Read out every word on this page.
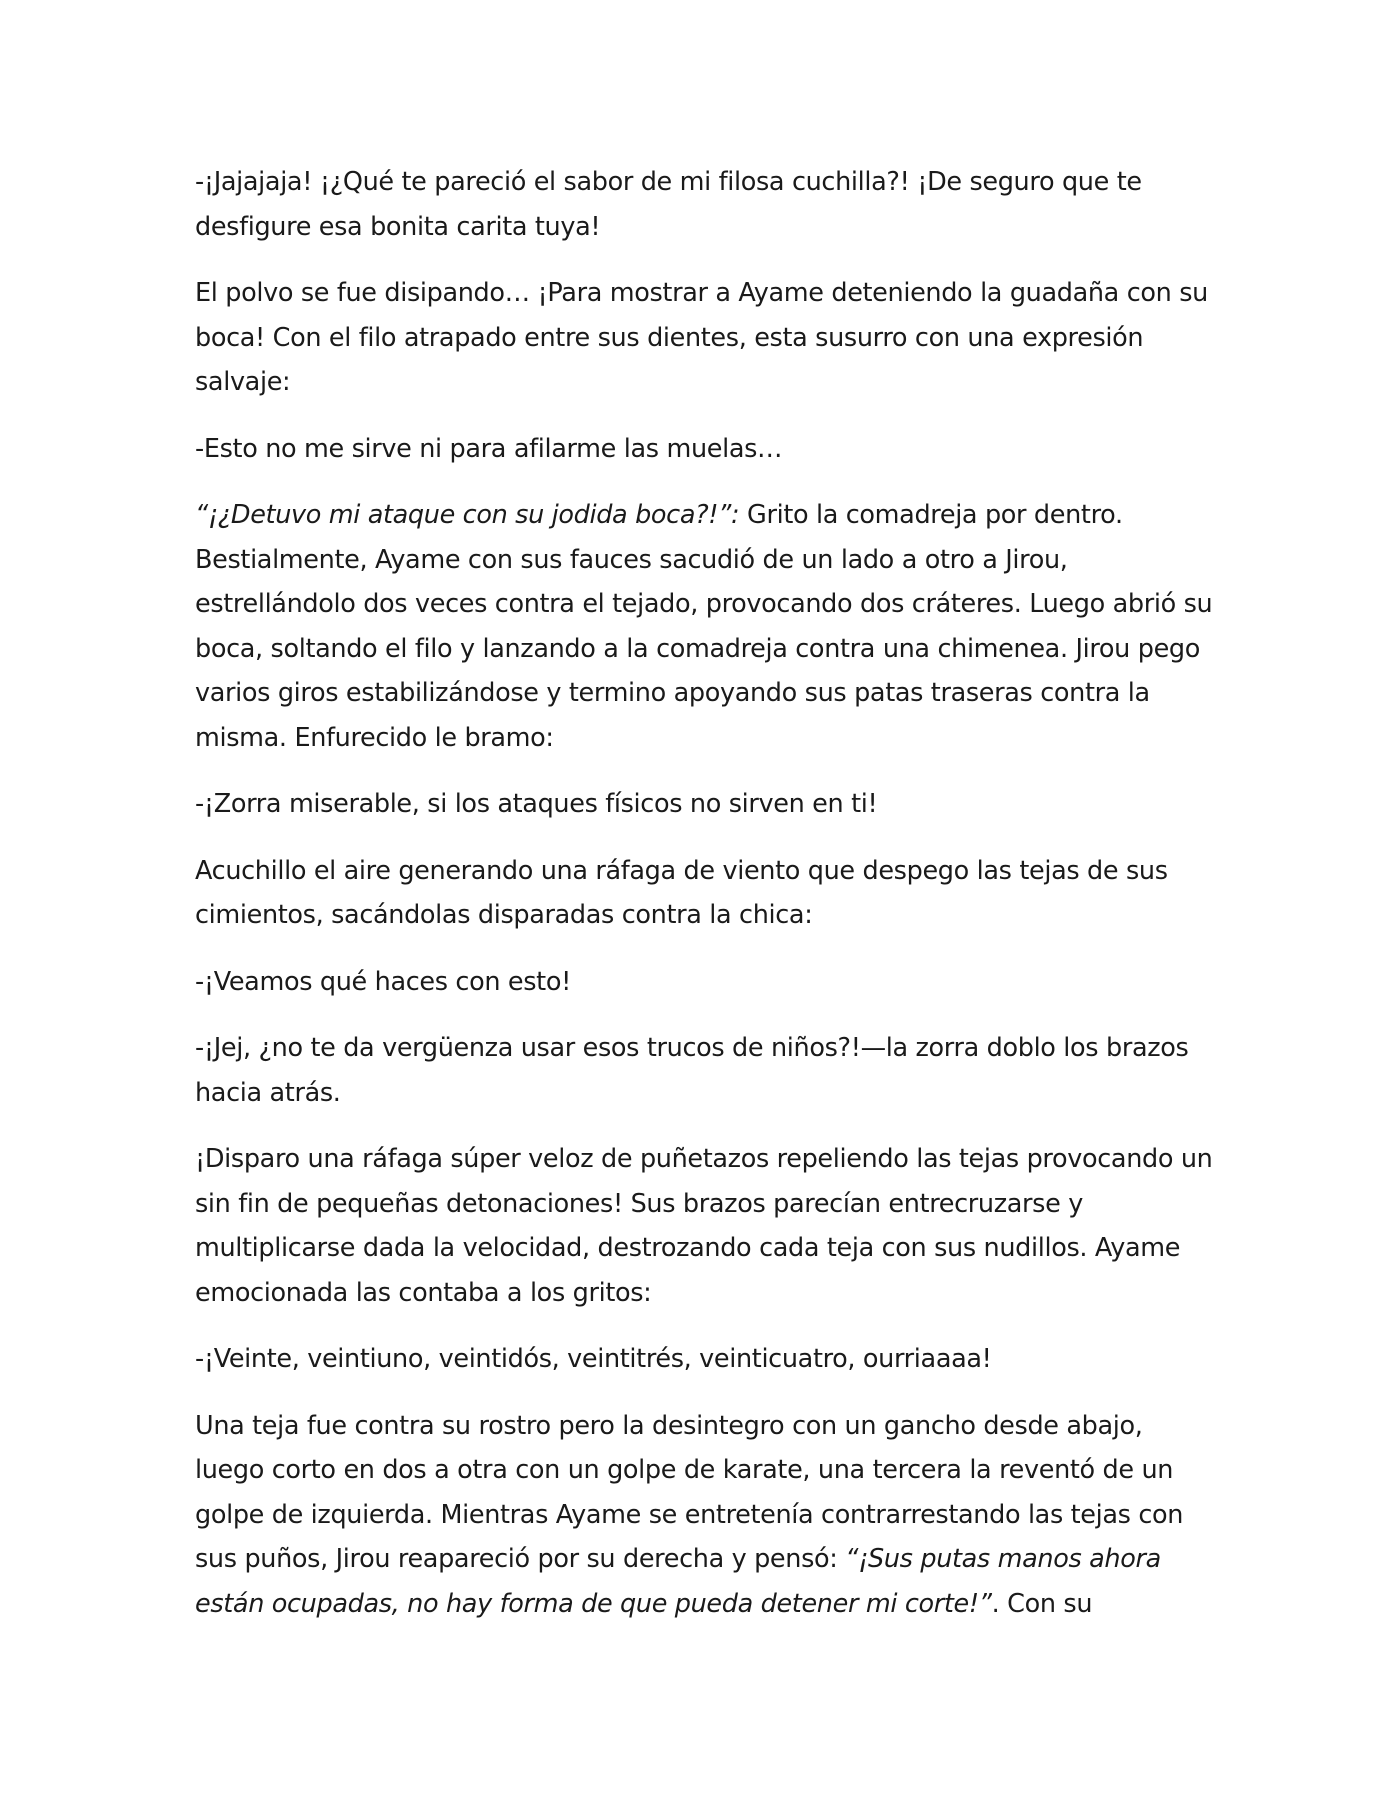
-¡Jajajaja! ¡¿Qué te pareció el sabor de mi filosa cuchilla?! ¡De seguro que te desfigure esa bonita carita tuya!

El polvo se fue disipando… ¡Para mostrar a Ayame deteniendo la guadaña con su boca! Con el filo atrapado entre sus dientes, esta susurro con una expresión salvaje:

-Esto no me sirve ni para afilarme las muelas…

“¡¿Detuvo mi ataque con su jodida boca?!”: Grito la comadreja por dentro. Bestialmente, Ayame con sus fauces sacudió de un lado a otro a Jirou, estrellándolo dos veces contra el tejado, provocando dos cráteres. Luego abrió su boca, soltando el filo y lanzando a la comadreja contra una chimenea. Jirou pego varios giros estabilizándose y termino apoyando sus patas traseras contra la misma. Enfurecido le bramo:

-¡Zorra miserable, si los ataques físicos no sirven en ti!

Acuchillo el aire generando una ráfaga de viento que despego las tejas de sus cimientos, sacándolas disparadas contra la chica:

-¡Veamos qué haces con esto!

-¡Jej, ¿no te da vergüenza usar esos trucos de niños?!—la zorra doblo los brazos hacia atrás.

¡Disparo una ráfaga súper veloz de puñetazos repeliendo las tejas provocando un sin fin de pequeñas detonaciones! Sus brazos parecían entrecruzarse y multiplicarse dada la velocidad, destrozando cada teja con sus nudillos. Ayame emocionada las contaba a los gritos:

-¡Veinte, veintiuno, veintidós, veintitrés, veinticuatro, ourriaaaa!

Una teja fue contra su rostro pero la desintegro con un gancho desde abajo, luego corto en dos a otra con un golpe de karate, una tercera la reventó de un golpe de izquierda. Mientras Ayame se entretenía contrarrestando las tejas con sus puños, Jirou reapareció por su derecha y pensó: “¡Sus putas manos ahora están ocupadas, no hay forma de que pueda detener mi corte!”. Con su
